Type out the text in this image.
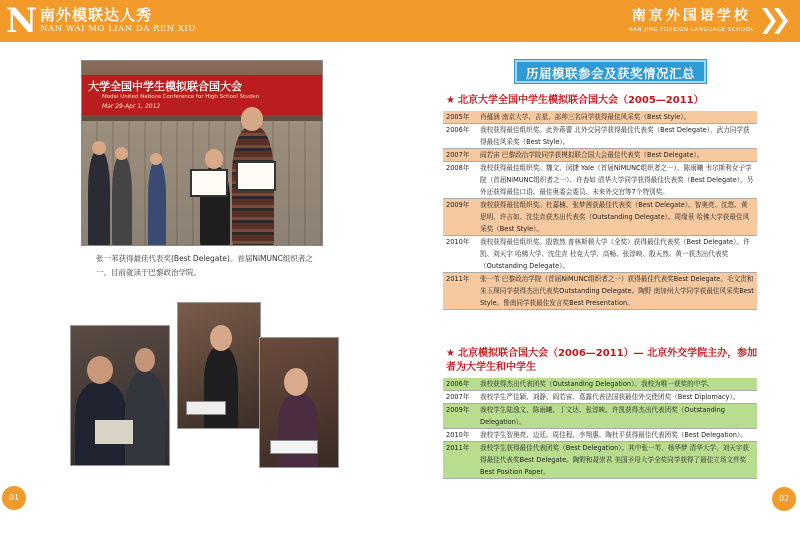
N 南外模联达人秀
NAN WAI MO LIAN DA REN XIU
南京外国语学校
NAN JING FOREIGN LANGUAGE SCHOOL
大学全国中学生模拟联合国大会
Model United Nations Conference for High School Studen
Mar 29-Apr 1, 2012
张一苇获得最佳代表奖(Best Delegate)。首届NiMUNC组织者之一。目前就读于巴黎政治学院。
01
历届模联参会及获奖情况汇总
★ 北京大学全国中学生模拟联合国大会（2005—2011）
2005年	肖蕴涵 南京大学、吉星、邵帅三名同学获得最佳风采奖（Best Style）。
2006年	我校获得最佳组织奖。此外蒋蕾 北外交同学获得最佳代表奖（Best Delegate），武力同学获得最佳风采奖（Best Style）。
2007年	阎若宙 巴黎政治学院同学获模拟联合国大会最佳代表奖（Best Delegate）。
2008年	我校获得最佳组织奖。魏文、闵捷 Yale（首届NiMUNC组织者之一）、陈雨曦 韦尔斯利女子学院（首届NiMUNC组织者之一）、许杏如 清华大学同学获得最佳代表奖（Best Delegate），另外还获得最佳口语、最佳奥委会委员、未来外交官等7个特别奖。
2009年	我校获得最佳组织奖。杜嘉楠、张梦茜获最佳代表奖（Best Delegate）。智奥亮、沈悠、黄思明、许吉如、沈佳垚获杰出代表奖（Outstanding Delegate）。周缘景 哈佛大学获最佳风采奖（Best Style）。
2010年	我校获得最佳组织奖。殷敦然 普林斯顿大学（全奖）获得最佳代表奖（Best Delegate）。许凯、刘天宇 哈佛大学、沈佳垚 杜克大学、高畅、张淳映、殷天然、黄一获杰出代表奖（Outstanding Delegate）。
2011年	张一苇 巴黎政治学院（首届NiMUNC组织者之一）获得最佳代表奖Best Delegate。毛文贵和朱玉琛同学获得杰出代表奖Outstanding Delegate。陶野 南加州大学同学获最佳风采奖Best Style。鲁南同学获最佳发言奖Best Presentation。
★ 北京模拟联合国大会（2006—2011）— 北京外交学院主办，参加者为大学生和中学生
2006年	我校获得杰出代表团奖（Outstanding Delegation）。我校为唯一获奖的中学。
2007年	我校学生严佳颖、刘静、阎若宙、葛露代表法国获最佳外交使团奖（Best Diplomacy）。
2009年	我校学生陆逸文、陈雨曦、丁文达、张淳映、许凯获得杰出代表团奖（Outstanding Delegation）。
2010年	我校学生智奥亮、边廷、周佳程、李翔惠、陶杜平获得最佳代表团奖（Best Delegation）。
2011年	我校学生获得最佳代表团奖（Best Delegation）。其中张一苇、杨华梦 清华大学、刘天宇获得最佳代表奖Best Delegate。陶野和聂崇君 美国圣母大学全奖同学获得了最佳立场文件奖Best Position Paper。
02
